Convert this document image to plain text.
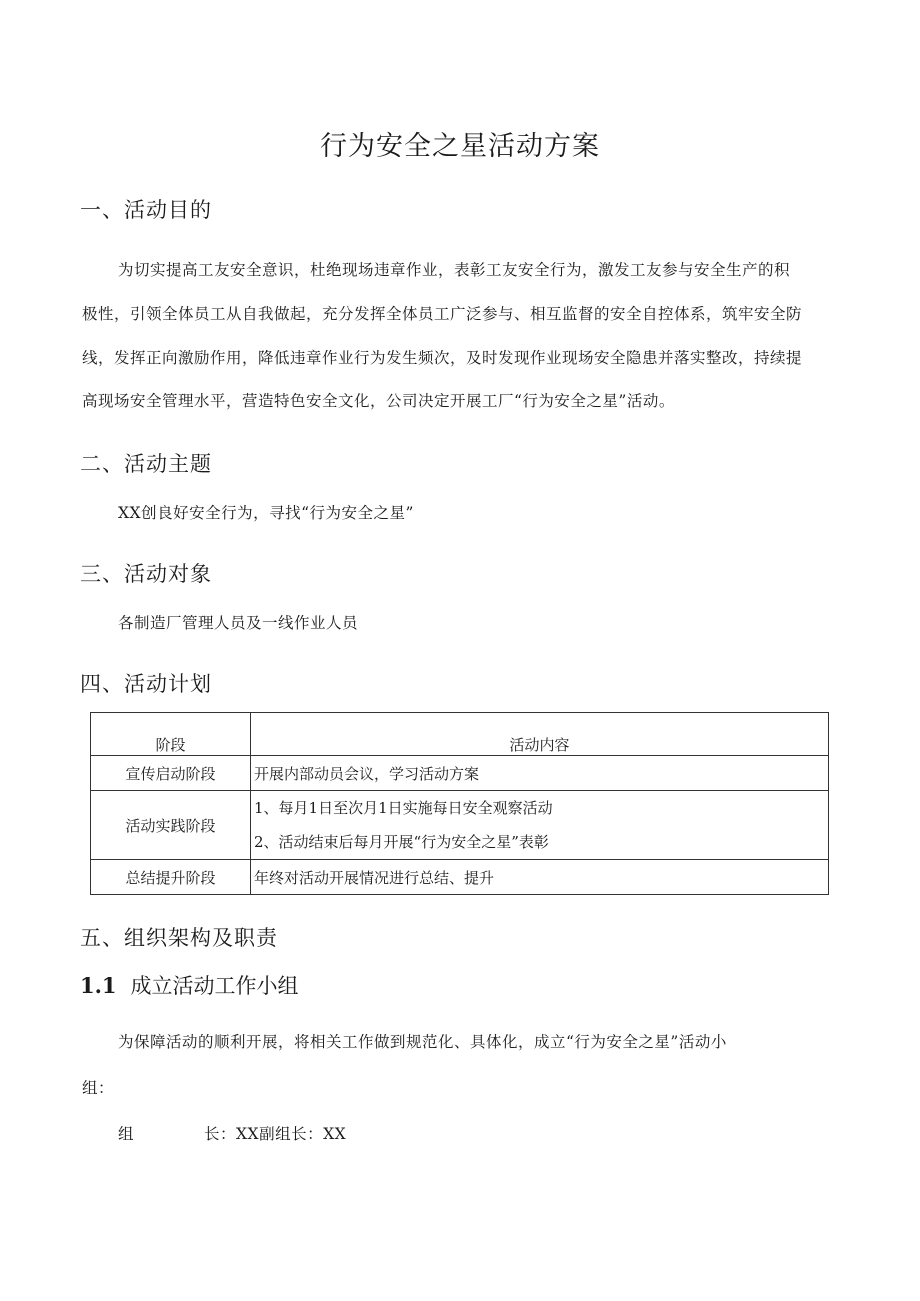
行为安全之星活动方案
一、活动目的
为切实提高工友安全意识，杜绝现场违章作业，表彰工友安全行为，激发工友参与安全生产的积
极性，引领全体员工从自我做起，充分发挥全体员工广泛参与、相互监督的安全自控体系，筑牢安全防
线，发挥正向激励作用，降低违章作业行为发生频次，及时发现作业现场安全隐患并落实整改，持续提
高现场安全管理水平，营造特色安全文化，公司决定开展工厂“行为安全之星”活动。
二、活动主题
XX创良好安全行为，寻找“行为安全之星”
三、活动对象
各制造厂管理人员及一线作业人员
四、活动计划
阶段	活动内容
宣传启动阶段	开展内部动员会议，学习活动方案
活动实践阶段	1、每月1日至次月1日实施每日安全观察活动
2、活动结束后每月开展“行为安全之星”表彰

总结提升阶段	年终对活动开展情况进行总结、提升
五、组织架构及职责
1.1 成立活动工作小组
为保障活动的顺利开展，将相关工作做到规范化、具体化，成立“行为安全之星”活动小
组：
组	长：XX副组长：XX
